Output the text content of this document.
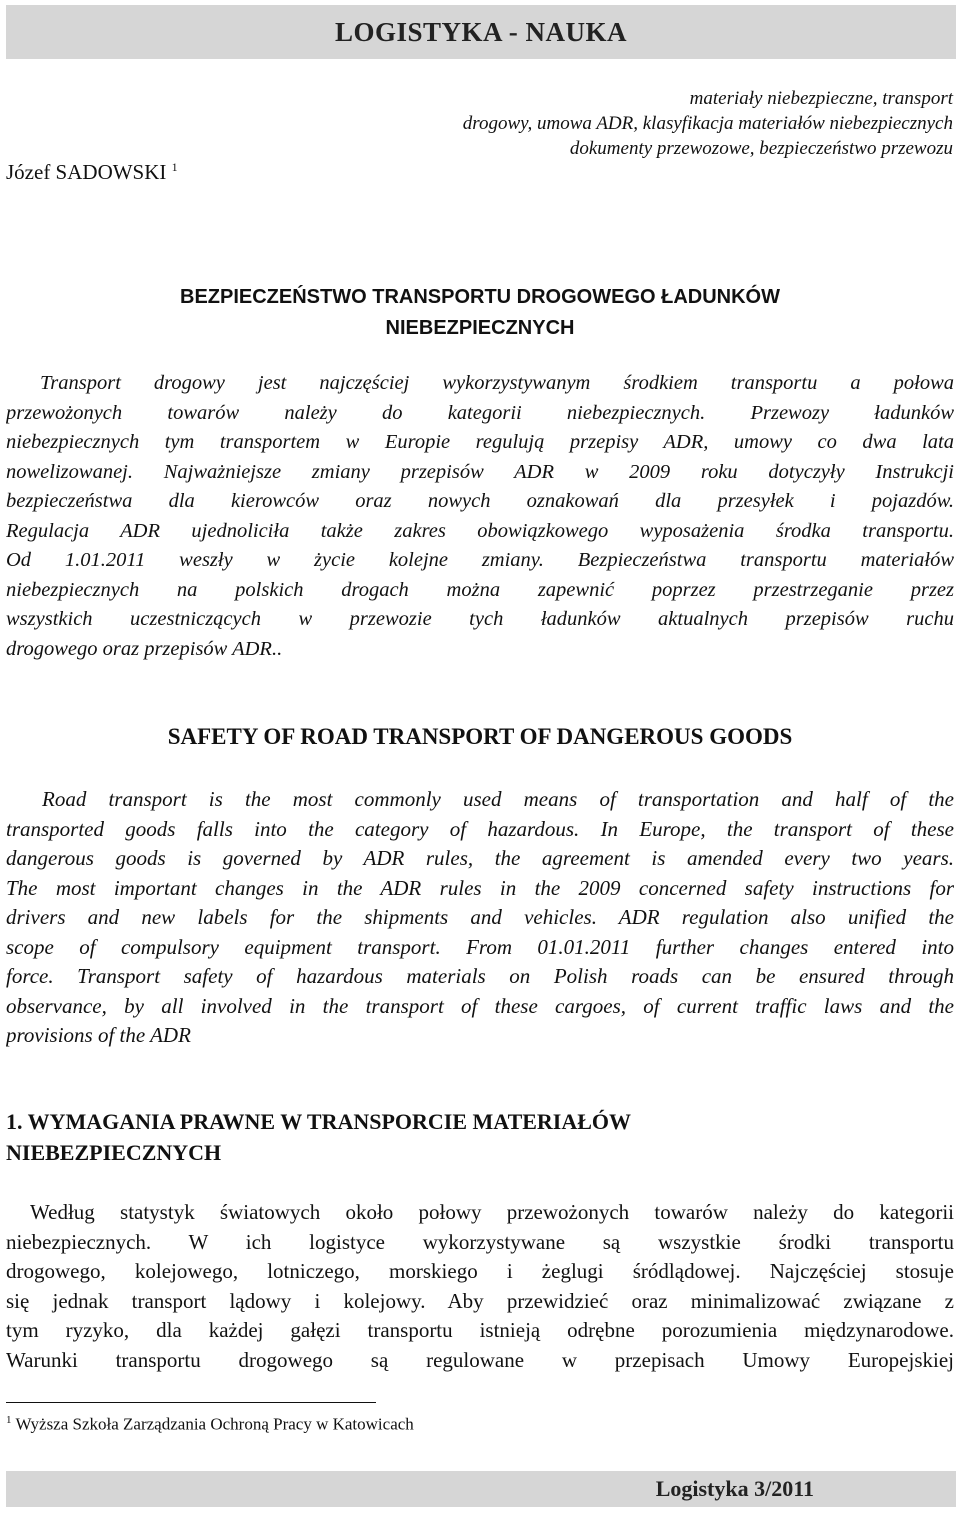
LOGISTYKA - NAUKA
materiały niebezpieczne, transport
drogowy, umowa ADR, klasyfikacja materiałów niebezpiecznych
dokumenty przewozowe, bezpieczeństwo przewozu
Józef SADOWSKI $^1$
BEZPIECZEŃSTWO TRANSPORTU DROGOWEGO ŁADUNKÓW
NIEBEZPIECZNYCH
Transport drogowy jest najczęściej wykorzystywanym środkiem transportu a połowa
przewożonych towarów należy do kategorii niebezpiecznych. Przewozy ładunków
niebezpiecznych tym transportem w Europie regulują przepisy ADR, umowy co dwa lata
nowelizowanej. Najważniejsze zmiany przepisów ADR w 2009 roku dotyczyły Instrukcji
bezpieczeństwa dla kierowców oraz nowych oznakowań dla przesyłek i pojazdów.
Regulacja ADR ujednoliciła także zakres obowiązkowego wyposażenia środka transportu.
Od 1.01.2011 weszły w życie kolejne zmiany. Bezpieczeństwa transportu materiałów
niebezpiecznych na polskich drogach można zapewnić poprzez przestrzeganie przez
wszystkich uczestniczących w przewozie tych ładunków aktualnych przepisów ruchu
drogowego oraz przepisów ADR..
SAFETY OF ROAD TRANSPORT OF DANGEROUS GOODS
Road transport is the most commonly used means of transportation and half of the
transported goods falls into the category of hazardous. In Europe, the transport of these
dangerous goods is governed by ADR rules, the agreement is amended every two years.
The most important changes in the ADR rules in the 2009 concerned safety instructions for
drivers and new labels for the shipments and vehicles. ADR regulation also unified the
scope of compulsory equipment transport. From 01.01.2011 further changes entered into
force. Transport safety of hazardous materials on Polish roads can be ensured through
observance, by all involved in the transport of these cargoes, of current traffic laws and the
provisions of the ADR
1. WYMAGANIA PRAWNE W TRANSPORCIE MATERIAŁÓW
NIEBEZPIECZNYCH
Według statystyk światowych około połowy przewożonych towarów należy do kategorii
niebezpiecznych. W ich logistyce wykorzystywane są wszystkie środki transportu
drogowego, kolejowego, lotniczego, morskiego i żeglugi śródlądowej. Najczęściej stosuje
się jednak transport lądowy i kolejowy. Aby przewidzieć oraz minimalizować związane z
tym ryzyko, dla każdej gałęzi transportu istnieją odrębne porozumienia międzynarodowe.
Warunki transportu drogowego są regulowane w przepisach Umowy Europejskiej
$^1$ Wyższa Szkoła Zarządzania Ochroną Pracy w Katowicach
Logistyka 3/2011
